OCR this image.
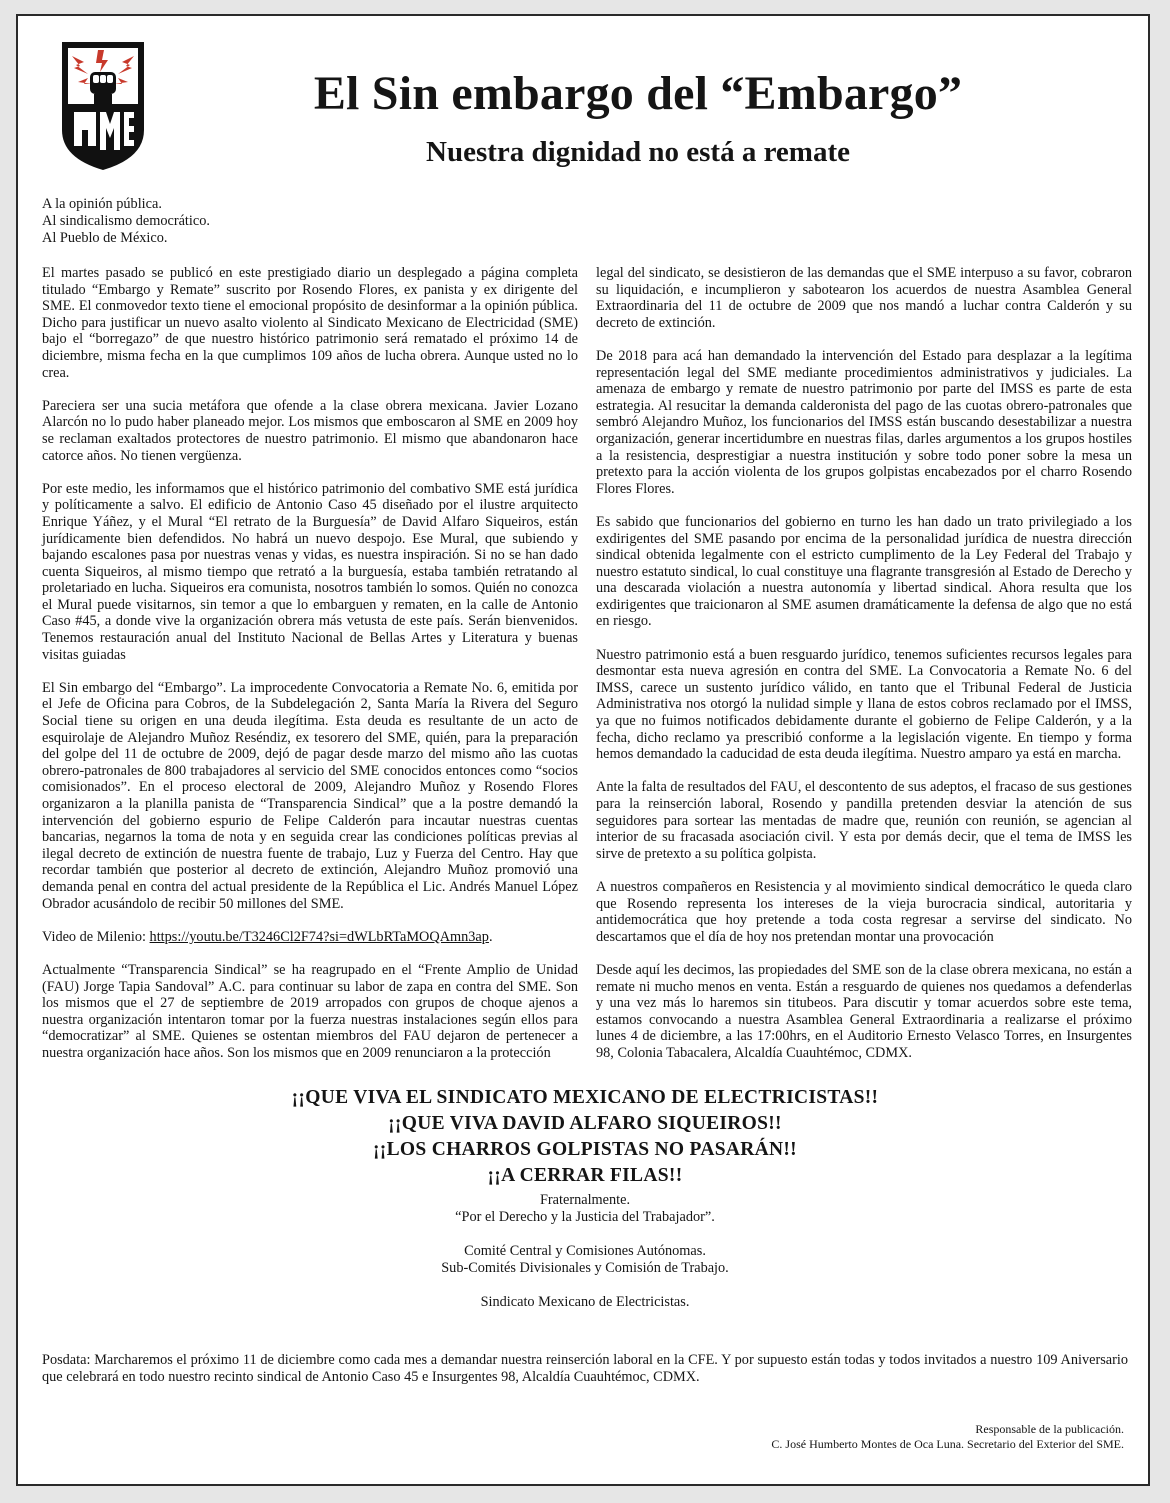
El Sin embargo del “Embargo”
Nuestra dignidad no está a remate
A la opinión pública.
Al sindicalismo democrático.
Al Pueblo de México.

El martes pasado se publicó en este prestigiado diario un desplegado a página completa titulado “Embargo y Remate” suscrito por Rosendo Flores, ex panista y ex dirigente del SME. El conmovedor texto tiene el emocional propósito de desinformar a la opinión pública. Dicho para justificar un nuevo asalto violento al Sindicato Mexicano de Electricidad (SME) bajo el “borregazo” de que nuestro histórico patrimonio será rematado el próximo 14 de diciembre, misma fecha en la que cumplimos 109 años de lucha obrera. Aunque usted no lo crea.

Pareciera ser una sucia metáfora que ofende a la clase obrera mexicana. Javier Lozano Alarcón no lo pudo haber planeado mejor. Los mismos que emboscaron al SME en 2009 hoy se reclaman exaltados protectores de nuestro patrimonio. El mismo que abandonaron hace catorce años. No tienen vergüenza.

Por este medio, les informamos que el histórico patrimonio del combativo SME está jurídica y políticamente a salvo. El edificio de Antonio Caso 45 diseñado por el ilustre arquitecto Enrique Yáñez, y el Mural “El retrato de la Burguesía” de David Alfaro Siqueiros, están jurídicamente bien defendidos. No habrá un nuevo despojo. Ese Mural, que subiendo y bajando escalones pasa por nuestras venas y vidas, es nuestra inspiración. Si no se han dado cuenta Siqueiros, al mismo tiempo que retrató a la burguesía, estaba también retratando al proletariado en lucha. Siqueiros era comunista, nosotros también lo somos. Quién no conozca el Mural puede visitarnos, sin temor a que lo embarguen y rematen, en la calle de Antonio Caso #45, a donde vive la organización obrera más vetusta de este país. Serán bienvenidos. Tenemos restauración anual del Instituto Nacional de Bellas Artes y Literatura y buenas visitas guiadas

El Sin embargo del “Embargo”. La improcedente Convocatoria a Remate No. 6, emitida por el Jefe de Oficina para Cobros, de la Subdelegación 2, Santa María la Rivera del Seguro Social tiene su origen en una deuda ilegítima. Esta deuda es resultante de un acto de esquirolaje de Alejandro Muñoz Reséndiz, ex tesorero del SME, quién, para la preparación del golpe del 11 de octubre de 2009, dejó de pagar desde marzo del mismo año las cuotas obrero-patronales de 800 trabajadores al servicio del SME conocidos entonces como “socios comisionados”. En el proceso electoral de 2009, Alejandro Muñoz y Rosendo Flores organizaron a la planilla panista de “Transparencia Sindical” que a la postre demandó la intervención del gobierno espurio de Felipe Calderón para incautar nuestras cuentas bancarias, negarnos la toma de nota y en seguida crear las condiciones políticas previas al ilegal decreto de extinción de nuestra fuente de trabajo, Luz y Fuerza del Centro. Hay que recordar también que posterior al decreto de extinción, Alejandro Muñoz promovió una demanda penal en contra del actual presidente de la República el Lic. Andrés Manuel López Obrador acusándolo de recibir 50 millones del SME.

Video de Milenio: https://youtu.be/T3246Cl2F74?si=dWLbRTaMOQAmn3ap.

Actualmente “Transparencia Sindical” se ha reagrupado en el “Frente Amplio de Unidad (FAU) Jorge Tapia Sandoval” A.C. para continuar su labor de zapa en contra del SME. Son los mismos que el 27 de septiembre de 2019 arropados con grupos de choque ajenos a nuestra organización intentaron tomar por la fuerza nuestras instalaciones según ellos para “democratizar” al SME. Quienes se ostentan miembros del FAU dejaron de pertenecer a nuestra organización hace años. Son los mismos que en 2009 renunciaron a la protección

legal del sindicato, se desistieron de las demandas que el SME interpuso a su favor, cobraron su liquidación, e incumplieron y sabotearon los acuerdos de nuestra Asamblea General Extraordinaria del 11 de octubre de 2009 que nos mandó a luchar contra Calderón y su decreto de extinción.

De 2018 para acá han demandado la intervención del Estado para desplazar a la legítima representación legal del SME mediante procedimientos administrativos y judiciales. La amenaza de embargo y remate de nuestro patrimonio por parte del IMSS es parte de esta estrategia. Al resucitar la demanda calderonista del pago de las cuotas obrero-patronales que sembró Alejandro Muñoz, los funcionarios del IMSS están buscando desestabilizar a nuestra organización, generar incertidumbre en nuestras filas, darles argumentos a los grupos hostiles a la resistencia, desprestigiar a nuestra institución y sobre todo poner sobre la mesa un pretexto para la acción violenta de los grupos golpistas encabezados por el charro Rosendo Flores Flores.

Es sabido que funcionarios del gobierno en turno les han dado un trato privilegiado a los exdirigentes del SME pasando por encima de la personalidad jurídica de nuestra dirección sindical obtenida legalmente con el estricto cumplimento de la Ley Federal del Trabajo y nuestro estatuto sindical, lo cual constituye una flagrante transgresión al Estado de Derecho y una descarada violación a nuestra autonomía y libertad sindical. Ahora resulta que los exdirigentes que traicionaron al SME asumen dramáticamente la defensa de algo que no está en riesgo.

Nuestro patrimonio está a buen resguardo jurídico, tenemos suficientes recursos legales para desmontar esta nueva agresión en contra del SME. La Convocatoria a Remate No. 6 del IMSS, carece un sustento jurídico válido, en tanto que el Tribunal Federal de Justicia Administrativa nos otorgó la nulidad simple y llana de estos cobros reclamado por el IMSS, ya que no fuimos notificados debidamente durante el gobierno de Felipe Calderón, y a la fecha, dicho reclamo ya prescribió conforme a la legislación vigente. En tiempo y forma hemos demandado la caducidad de esta deuda ilegítima. Nuestro amparo ya está en marcha.

Ante la falta de resultados del FAU, el descontento de sus adeptos, el fracaso de sus gestiones para la reinserción laboral, Rosendo y pandilla pretenden desviar la atención de sus seguidores para sortear las mentadas de madre que, reunión con reunión, se agencian al interior de su fracasada asociación civil. Y esta por demás decir, que el tema de IMSS les sirve de pretexto a su política golpista.

A nuestros compañeros en Resistencia y al movimiento sindical democrático le queda claro que Rosendo representa los intereses de la vieja burocracia sindical, autoritaria y antidemocrática que hoy pretende a toda costa regresar a servirse del sindicato. No descartamos que el día de hoy nos pretendan montar una provocación

Desde aquí les decimos, las propiedades del SME son de la clase obrera mexicana, no están a remate ni mucho menos en venta. Están a resguardo de quienes nos quedamos a defenderlas y una vez más lo haremos sin titubeos. Para discutir y tomar acuerdos sobre este tema, estamos convocando a nuestra Asamblea General Extraordinaria a realizarse el próximo lunes 4 de diciembre, a las 17:00hrs, en el Auditorio Ernesto Velasco Torres, en Insurgentes 98, Colonia Tabacalera, Alcaldía Cuauhtémoc, CDMX.

¡¡QUE VIVA EL SINDICATO MEXICANO DE ELECTRICISTAS!!
¡¡QUE VIVA DAVID ALFARO SIQUEIROS!!
¡¡LOS CHARROS GOLPISTAS NO PASARÁN!!
¡¡A CERRAR FILAS!!
Fraternalmente.
“Por el Derecho y la Justicia del Trabajador”.
Comité Central y Comisiones Autónomas.
Sub-Comités Divisionales y Comisión de Trabajo.
Sindicato Mexicano de Electricistas.
Posdata: Marcharemos el próximo 11 de diciembre como cada mes a demandar nuestra reinserción laboral en la CFE. Y por supuesto están todas y todos invitados a nuestro 109 Aniversario que celebrará en todo nuestro recinto sindical de Antonio Caso 45 e Insurgentes 98, Alcaldía Cuauhtémoc, CDMX.
Responsable de la publicación.
C. José Humberto Montes de Oca Luna. Secretario del Exterior del SME.
